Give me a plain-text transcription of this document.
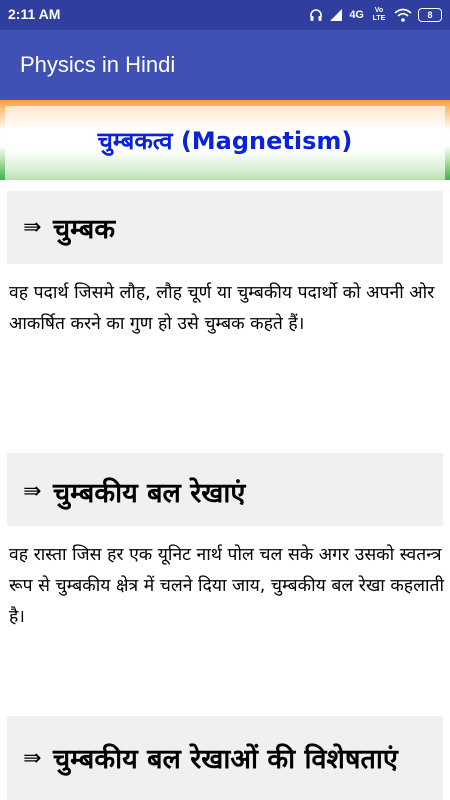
2:11 AM	4G	Vo LTE	8
Physics in Hindi
चुम्बकत्व (Magnetism)
⇛ चुम्बक
वह पदार्थ जिसमे लौह, लौह चूर्ण या चुम्बकीय पदार्थो को अपनी ओर आकर्षित करने का गुण हो उसे चुम्बक कहते हैं।
⇛ चुम्बकीय बल रेखाएं
वह रास्ता जिस हर एक यूनिट नार्थ पोल चल सके अगर उसको स्वतन्त्र रूप से चुम्बकीय क्षेत्र में चलने दिया जाय, चुम्बकीय बल रेखा कहलाती है।
⇛ चुम्बकीय बल रेखाओं की विशेषताएं
